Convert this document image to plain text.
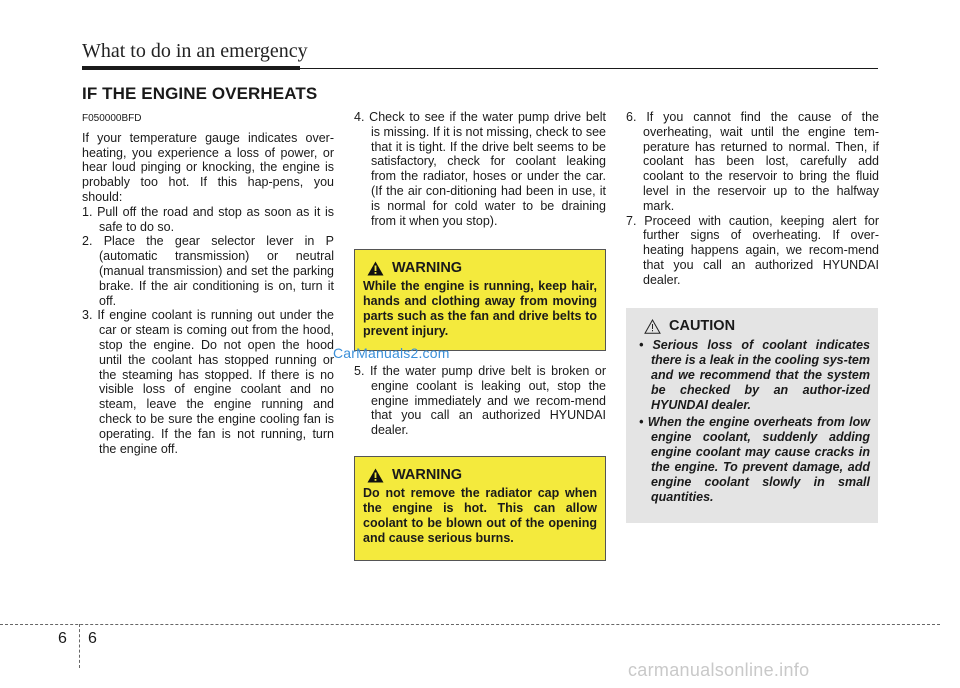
What to do in an emergency
IF THE ENGINE OVERHEATS
F050000BFD

If your temperature gauge indicates over-heating, you experience a loss of power, or hear loud pinging or knocking, the engine is probably too hot. If this hap-pens, you should:

1. Pull off the road and stop as soon as it is safe to do so.

2. Place the gear selector lever in P (automatic transmission) or neutral (manual transmission) and set the parking brake. If the air conditioning is on, turn it off.

3. If engine coolant is running out under the car or steam is coming out from the hood, stop the engine. Do not open the hood until the coolant has stopped running or the steaming has stopped. If there is no visible loss of engine coolant and no steam, leave the engine running and check to be sure the engine cooling fan is operating. If the fan is not running, turn the engine off.

4. Check to see if the water pump drive belt is missing. If it is not missing, check to see that it is tight. If the drive belt seems to be satisfactory, check for coolant leaking from the radiator, hoses or under the car. (If the air con-ditioning had been in use, it is normal for cold water to be draining from it when you stop).

WARNING
While the engine is running, keep hair, hands and clothing away from moving parts such as the fan and drive belts to prevent injury.

5. If the water pump drive belt is broken or engine coolant is leaking out, stop the engine immediately and we recom-mend that you call an authorized HYUNDAI dealer.

WARNING
Do not remove the radiator cap when the engine is hot. This can allow coolant to be blown out of the opening and cause serious burns.

6. If you cannot find the cause of the overheating, wait until the engine tem-perature has returned to normal. Then, if coolant has been lost, carefully add coolant to the reservoir to bring the fluid level in the reservoir up to the halfway mark.

7. Proceed with caution, keeping alert for further signs of overheating. If over-heating happens again, we recom-mend that you call an authorized HYUNDAI dealer.

CAUTION

• Serious loss of coolant indicates there is a leak in the cooling sys-tem and we recommend that the system be checked by an author-ized HYUNDAI dealer.

• When the engine overheats from low engine coolant, suddenly adding engine coolant may cause cracks in the engine. To prevent damage, add engine coolant slowly in small quantities.

CarManuals2.com
6 6
carmanualsonline.info
